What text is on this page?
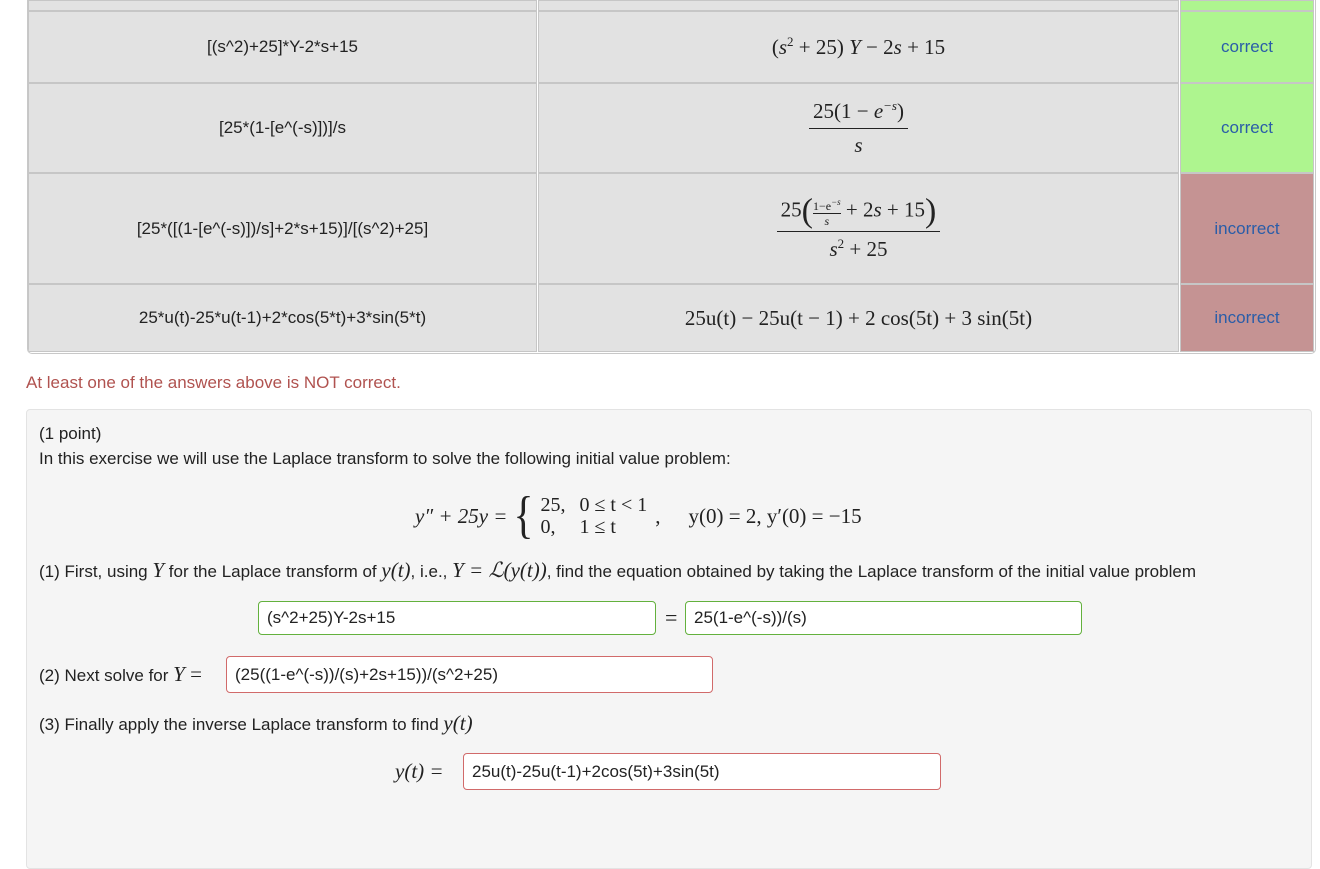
[(s^2)+25]*Y-2*s+15	$(s^2 + 25) Y - 2s + 15$	correct
[25*(1-[e^(-s)])]/s	$\frac{25(1 - e^{-s})}{s}$	correct
[25*([(1-[e^(-s)])/s]+2*s+15)]/[(s^2)+25]	$\frac{25( \frac{1-e^{-s}}{s} + 2s + 15)}{s^2 + 25}$	incorrect
25*u(t)-25*u(t-1)+2*cos(5*t)+3*sin(5*t)	25u(t) − 25u(t − 1) + 2 cos(5t) + 3 sin(5t)	incorrect
At least one of the answers above is NOT correct.
(1 point)
In this exercise we will use the Laplace transform to solve the following initial value problem:
y″ + 25y = { 25, 0 ≤ t < 1
0,	1 ≤ t	, y(0) = 2, y′(0) = −15
(1) First, using Y for the Laplace transform of y(t), i.e., Y = ℒ(y(t)), find the equation obtained by taking the Laplace transform of the initial value problem
(s^2+25)Y-2s+15	= 25(1-e^(-s))/(s)
(2) Next solve for Y =	(25((1-e^(-s))/(s)+2s+15))/(s^2+25)
(3) Finally apply the inverse Laplace transform to find y(t)
y(t) =	25u(t)-25u(t-1)+2cos(5t)+3sin(5t)
